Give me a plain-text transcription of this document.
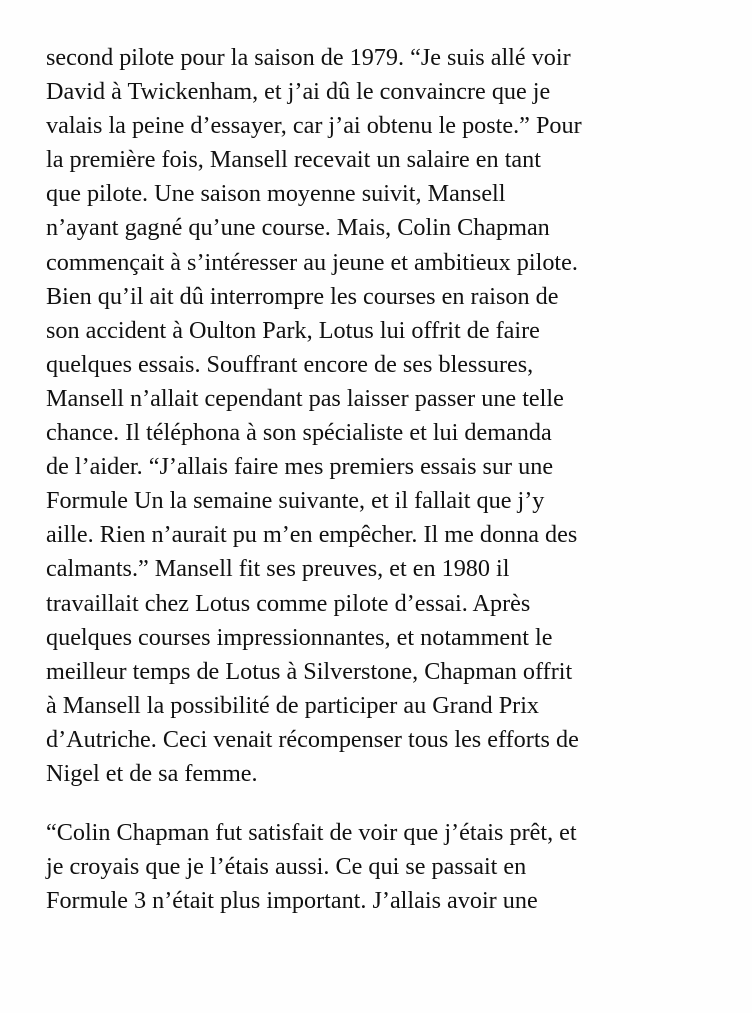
second pilote pour la saison de 1979. “Je suis allé voir
David à Twickenham, et j’ai dû le convaincre que je
valais la peine d’essayer, car j’ai obtenu le poste.” Pour
la première fois, Mansell recevait un salaire en tant
que pilote. Une saison moyenne suivit, Mansell
n’ayant gagné qu’une course. Mais, Colin Chapman
commençait à s’intéresser au jeune et ambitieux pilote.
Bien qu’il ait dû interrompre les courses en raison de
son accident à Oulton Park, Lotus lui offrit de faire
quelques essais. Souffrant encore de ses blessures,
Mansell n’allait cependant pas laisser passer une telle
chance. Il téléphona à son spécialiste et lui demanda
de l’aider. “J’allais faire mes premiers essais sur une
Formule Un la semaine suivante, et il fallait que j’y
aille. Rien n’aurait pu m’en empêcher. Il me donna des
calmants.” Mansell fit ses preuves, et en 1980 il
travaillait chez Lotus comme pilote d’essai. Après
quelques courses impressionnantes, et notamment le
meilleur temps de Lotus à Silverstone, Chapman offrit
à Mansell la possibilité de participer au Grand Prix
d’Autriche. Ceci venait récompenser tous les efforts de
Nigel et de sa femme.
“Colin Chapman fut satisfait de voir que j’étais prêt, et
je croyais que je l’étais aussi. Ce qui se passait en
Formule 3 n’était plus important. J’allais avoir une
